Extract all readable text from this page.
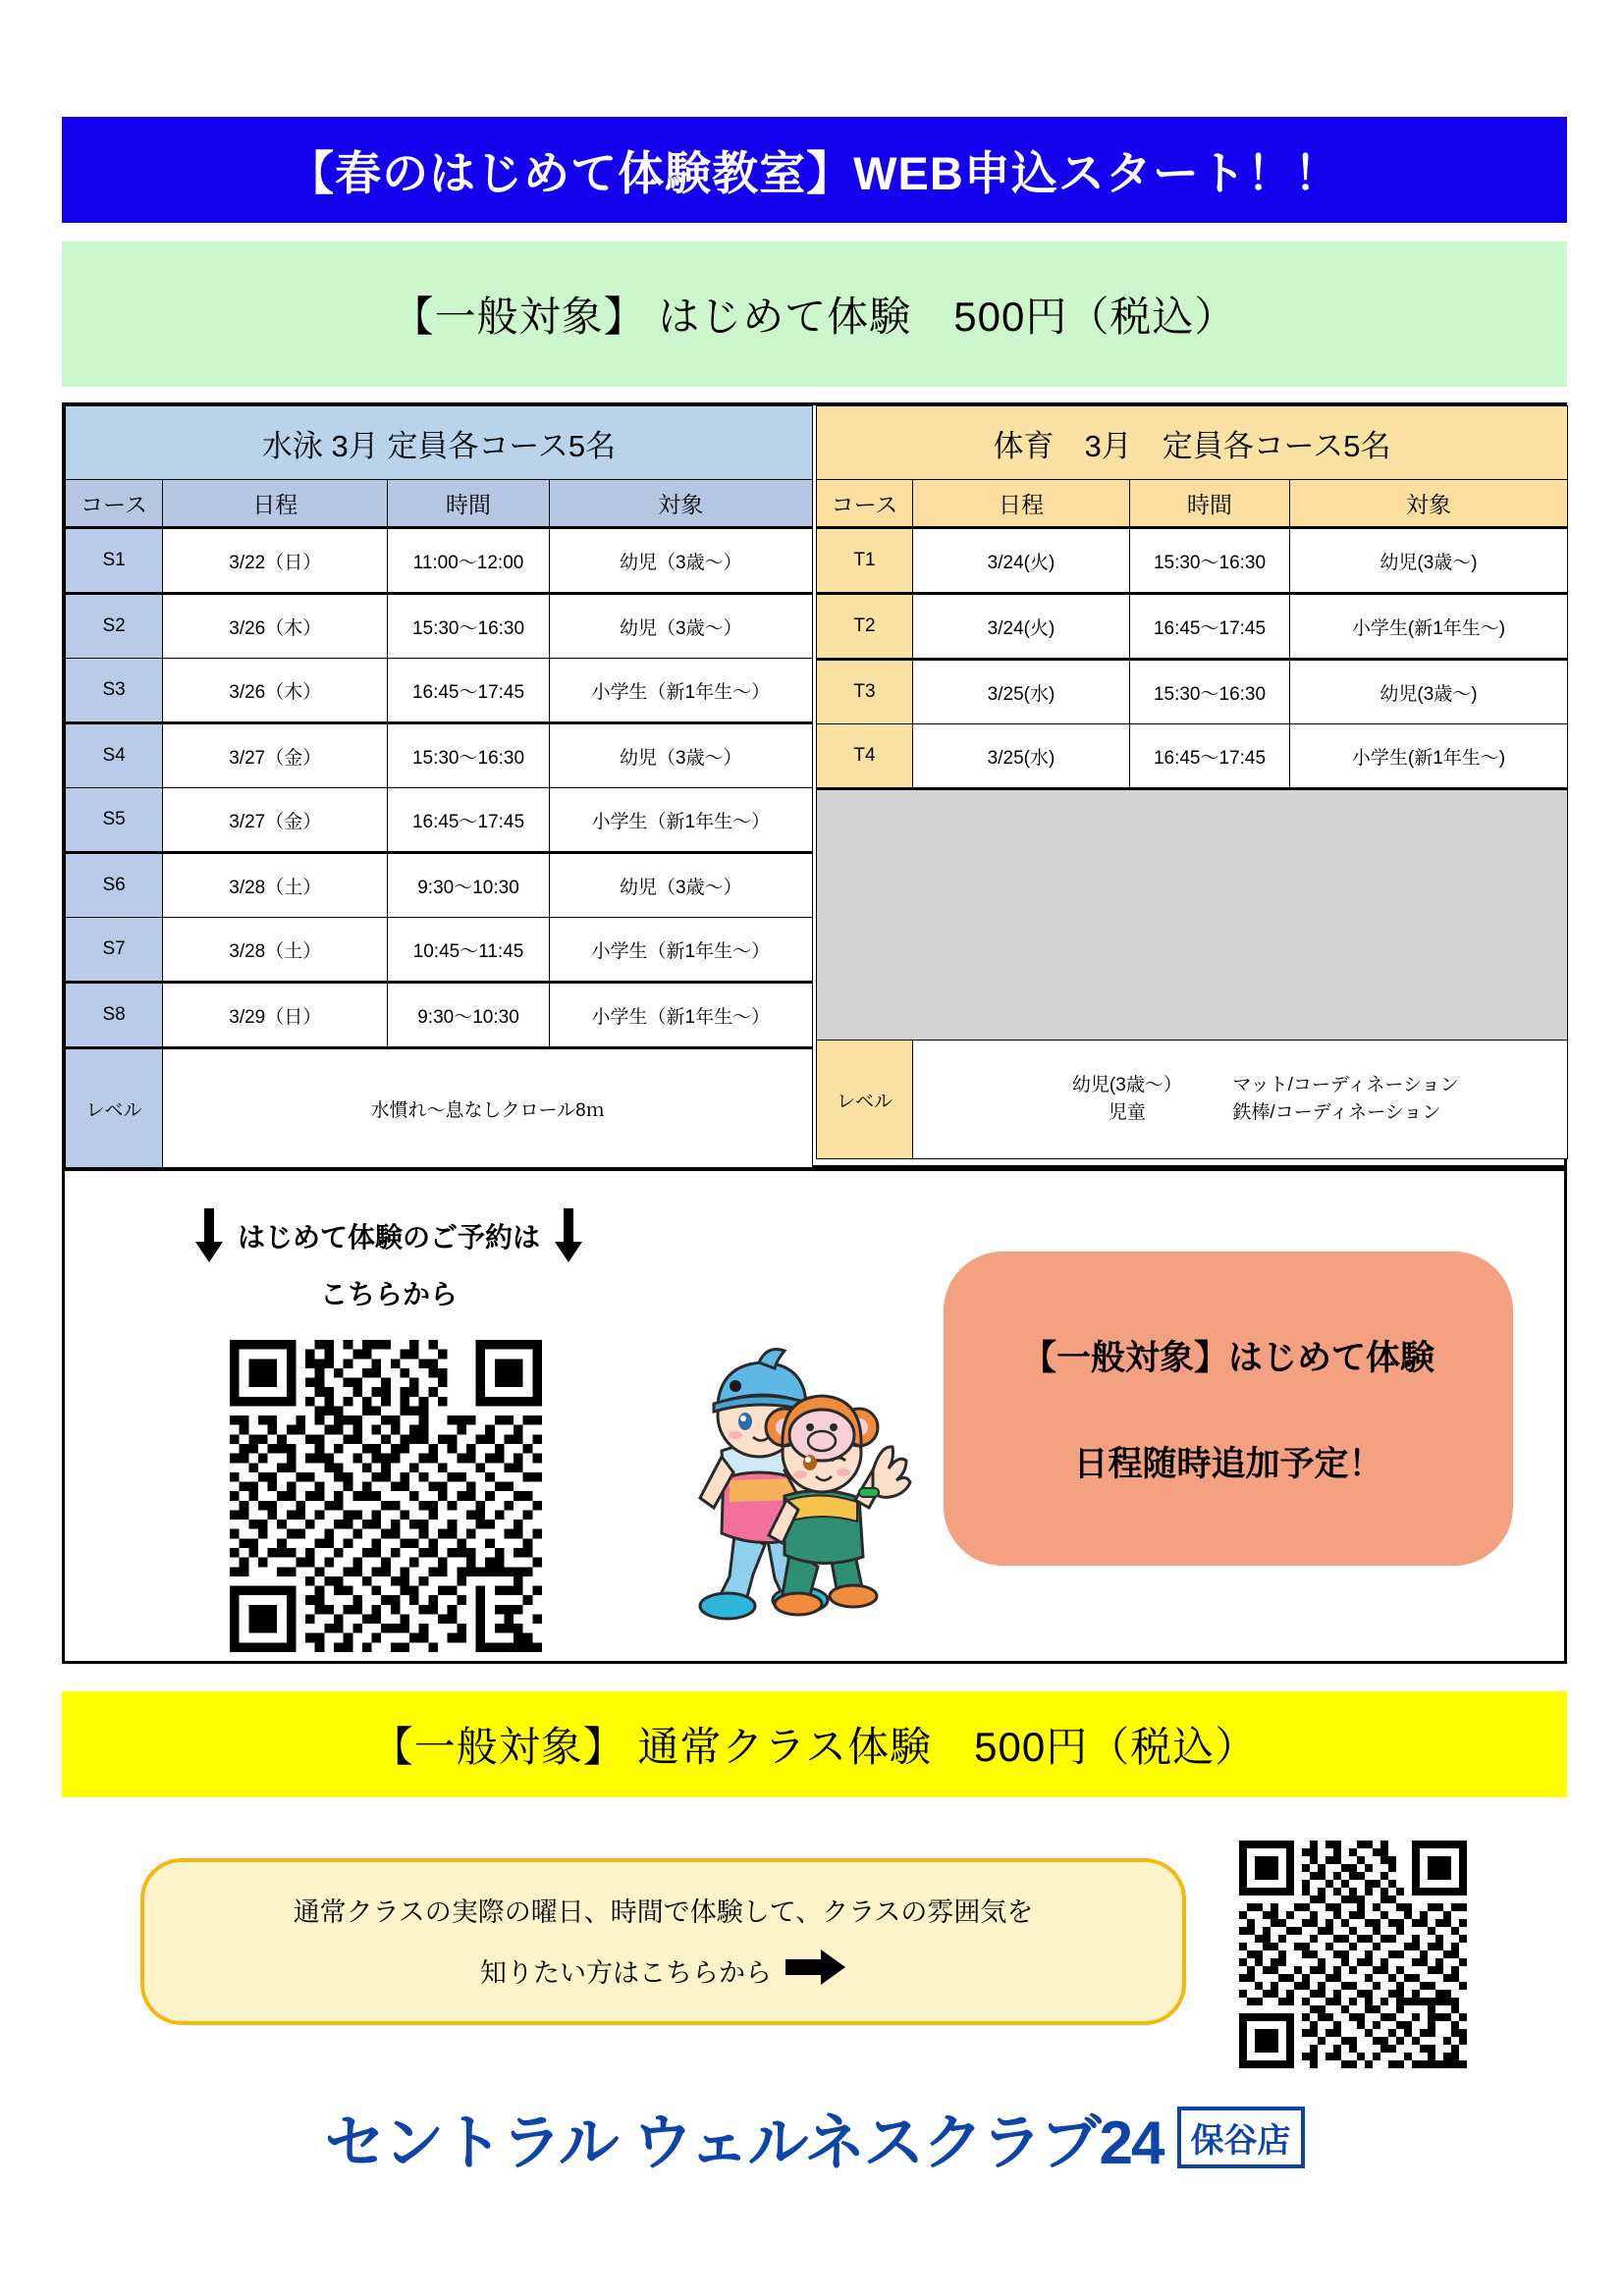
【春のはじめて体験教室】WEB申込スタート！！
【一般対象】 はじめて体験　500円（税込）
水泳 3月 定員各コース5名			
コース	日程	時間	対象
S1	3/22（日）	11:00〜12:00	幼児（3歳〜）
S2	3/26（木）	15:30〜16:30	幼児（3歳〜）
S3	3/26（木）	16:45〜17:45	小学生（新1年生〜）
S4	3/27（金）	15:30〜16:30	幼児（3歳〜）
S5	3/27（金）	16:45〜17:45	小学生（新1年生〜）
S6	3/28（土）	9:30〜10:30	幼児（3歳〜）
S7	3/28（土）	10:45〜11:45	小学生（新1年生〜）
S8	3/29（日）	9:30〜10:30	小学生（新1年生〜）
レベル	水慣れ〜息なしクロール8ｍ		
体育　3月　定員各コース5名			
コース	日程	時間	対象
T1	3/24(火)	15:30〜16:30	幼児(3歳〜)
T2	3/24(火)	16:45〜17:45	小学生(新1年生〜)
T3	3/25(水)	15:30〜16:30	幼児(3歳〜)
T4	3/25(水)	16:45〜17:45	小学生(新1年生〜)

レベル	幼児(3歳〜） マット/コーディネーション
児童 鉄棒/コーディネーション		
はじめて体験のご予約は
こちらから
【一般対象】はじめて体験
日程随時追加予定！
【一般対象】 通常クラス体験　500円（税込）
通常クラスの実際の曜日、時間で体験して、クラスの雰囲気を
知りたい方はこちらから
セントラル ウェルネスクラブ24 保谷店
